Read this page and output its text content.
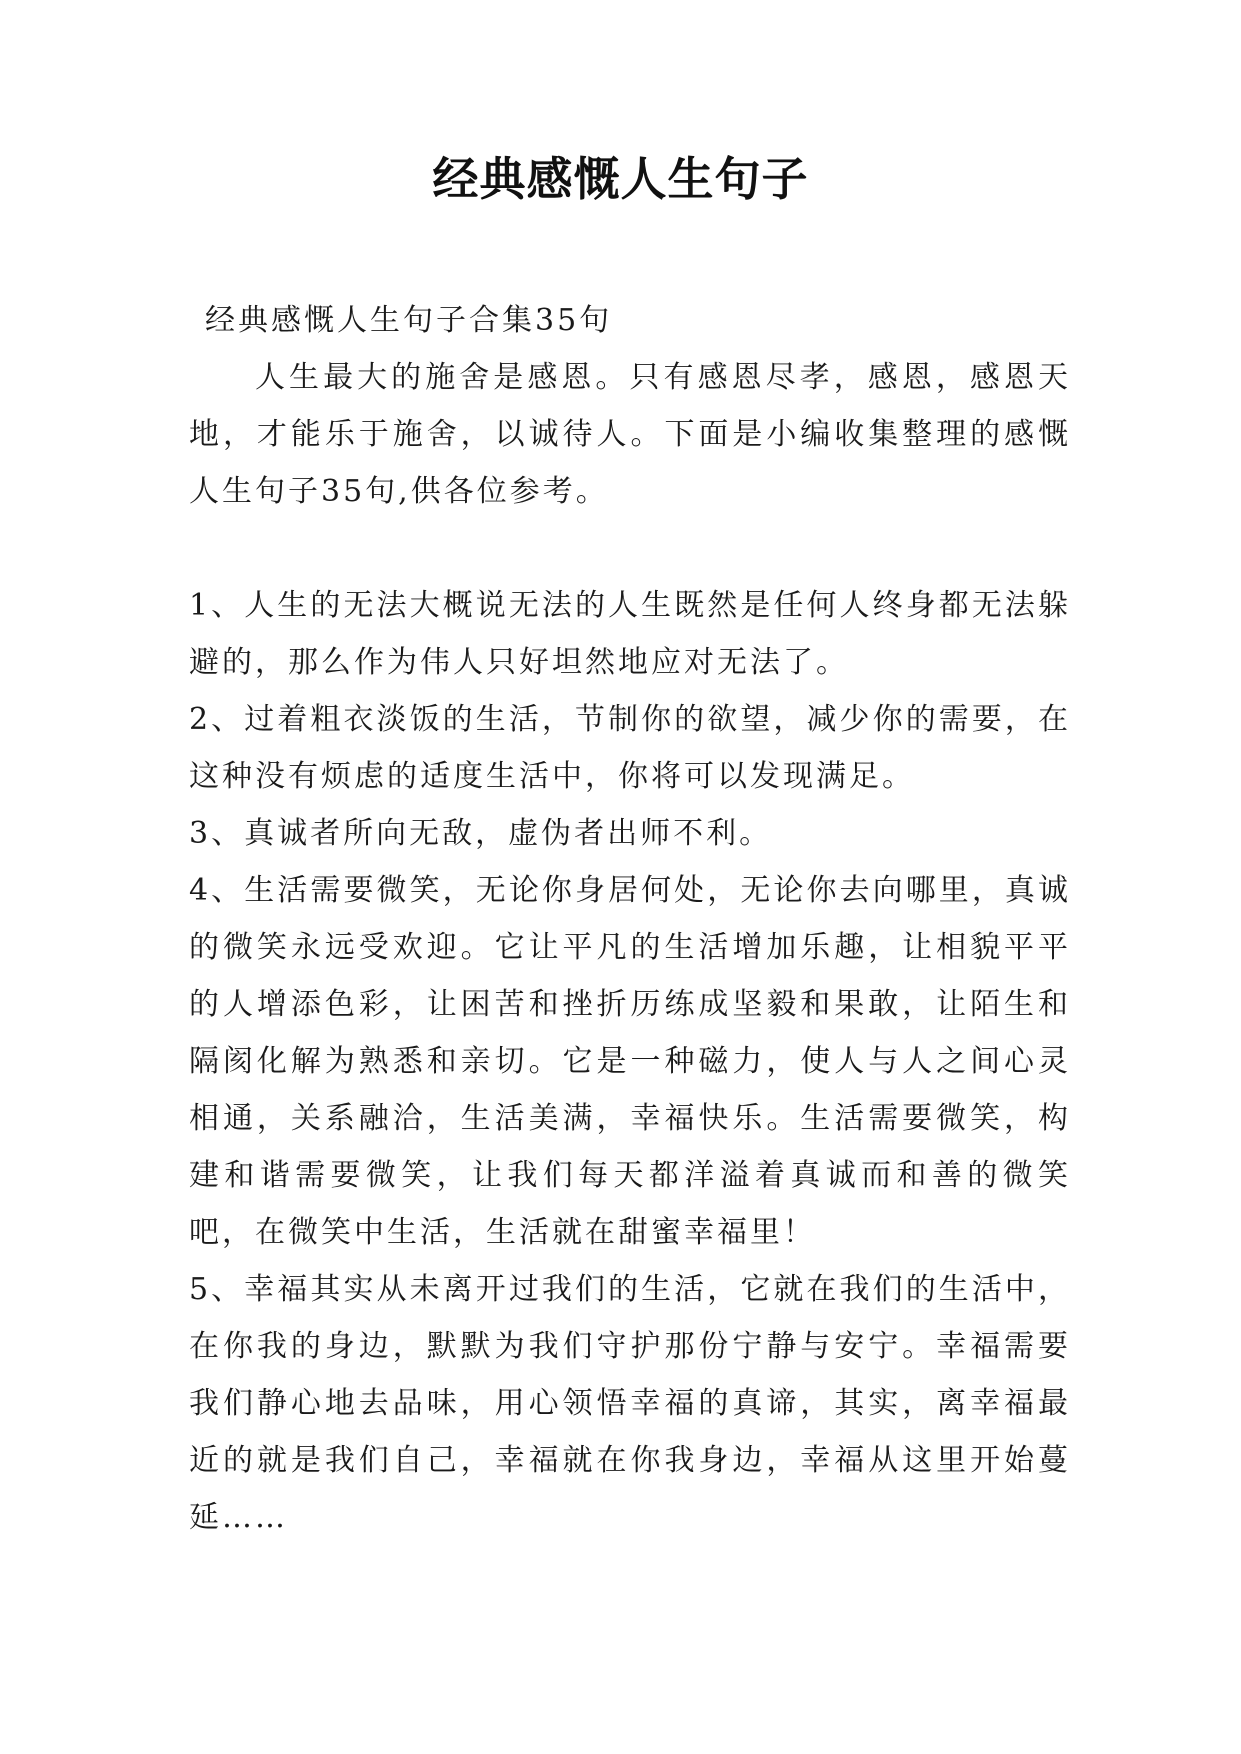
经典感慨人生句子

经典感慨人生句子合集35句

人生最大的施舍是感恩。只有感恩尽孝，感恩，感恩天地，才能乐于施舍，以诚待人。下面是小编收集整理的感慨人生句子35句,供各位参考。

1、人生的无法大概说无法的人生既然是任何人终身都无法躲避的，那么作为伟人只好坦然地应对无法了。

2、过着粗衣淡饭的生活，节制你的欲望，减少你的需要，在这种没有烦虑的适度生活中，你将可以发现满足。

3、真诚者所向无敌，虚伪者出师不利。

4、生活需要微笑，无论你身居何处，无论你去向哪里，真诚的微笑永远受欢迎。它让平凡的生活增加乐趣，让相貌平平的人增添色彩，让困苦和挫折历练成坚毅和果敢，让陌生和隔阂化解为熟悉和亲切。它是一种磁力，使人与人之间心灵相通，关系融洽，生活美满，幸福快乐。生活需要微笑，构建和谐需要微笑，让我们每天都洋溢着真诚而和善的微笑吧，在微笑中生活，生活就在甜蜜幸福里！

5、幸福其实从未离开过我们的生活，它就在我们的生活中，在你我的身边，默默为我们守护那份宁静与安宁。幸福需要我们静心地去品味，用心领悟幸福的真谛，其实，离幸福最近的就是我们自己，幸福就在你我身边，幸福从这里开始蔓延……
